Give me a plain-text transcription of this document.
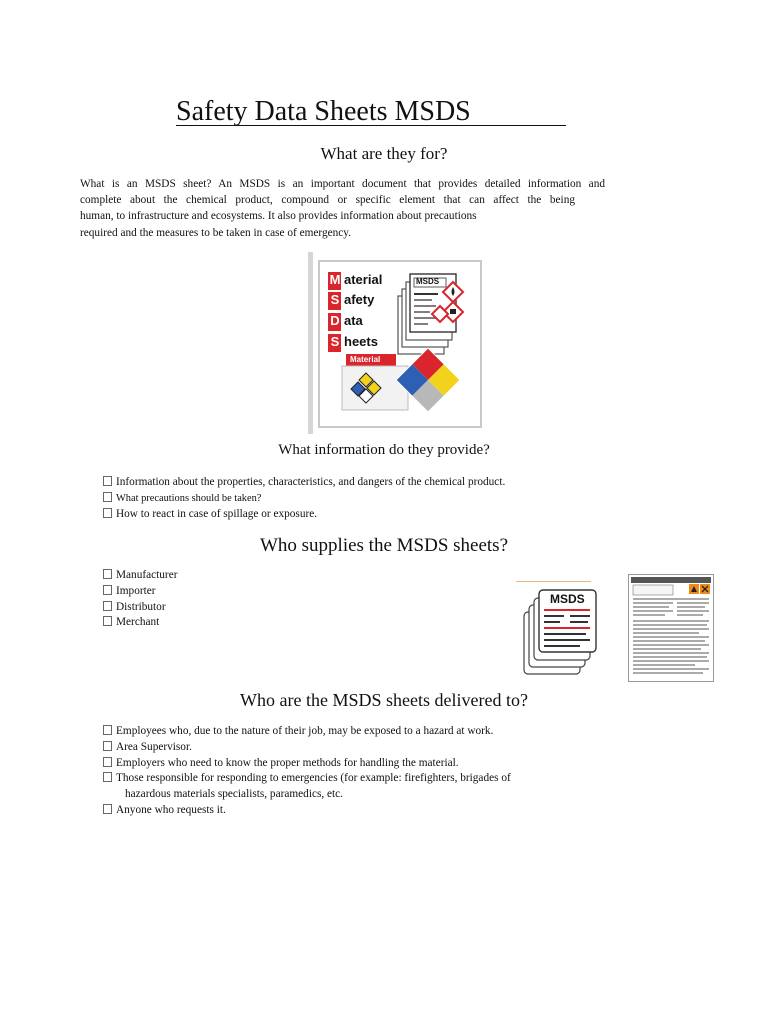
Safety Data Sheets MSDS
What are they for?

What is an MSDS sheet? An MSDS is an important document that provides detailed information and

complete about the chemical product, compound or specific element that can affect the being

human, to infrastructure and ecosystems. It also provides information about precautions

required and the measures to be taken in case of emergency.

M
S
D
S
aterial
afety
ata
heets
MSDS
Material
What information do they provide?
Information about the properties, characteristics, and dangers of the chemical product.
What precautions should be taken?
How to react in case of spillage or exposure.
Who supplies the MSDS sheets?
Manufacturer
Importer
Distributor
Merchant
MSDS
Who are the MSDS sheets delivered to?
Employees who, due to the nature of their job, may be exposed to a hazard at work.
Area Supervisor.
Employers who need to know the proper methods for handling the material.
Those responsible for responding to emergencies (for example: firefighters, brigades of
hazardous materials specialists, paramedics, etc.
Anyone who requests it.
